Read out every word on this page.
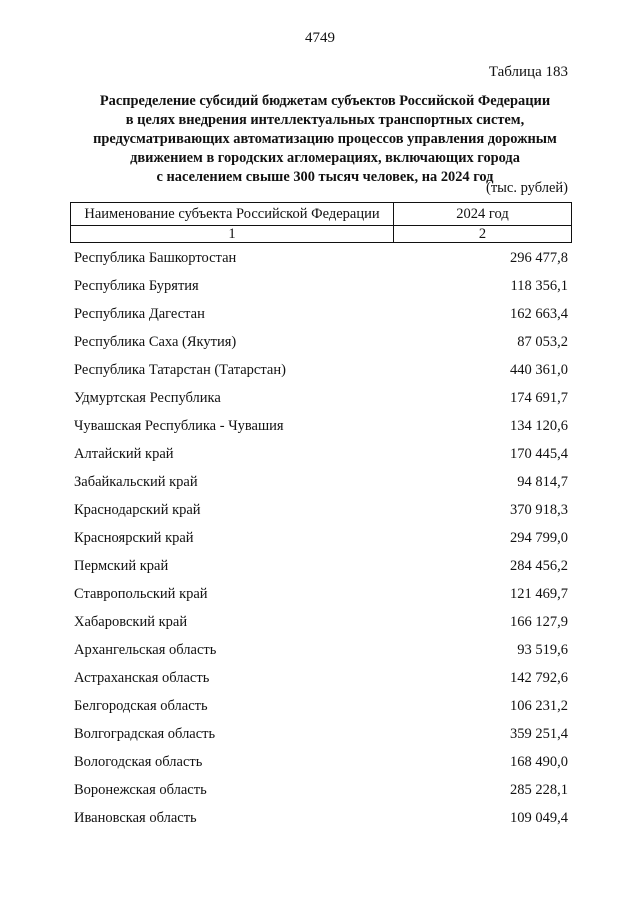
4749
Таблица 183
Распределение субсидий бюджетам субъектов Российской Федерации
в целях внедрения интеллектуальных транспортных систем,
предусматривающих автоматизацию процессов управления дорожным
движением в городских агломерациях, включающих города
с населением свыше 300 тысяч человек, на 2024 год
(тыс. рублей)
Наименование субъекта Российской Федерации	2024 год
1	2
Республика Башкортостан	296 477,8
Республика Бурятия	118 356,1
Республика Дагестан	162 663,4
Республика Саха (Якутия)	87 053,2
Республика Татарстан (Татарстан)	440 361,0
Удмуртская Республика	174 691,7
Чувашская Республика - Чувашия	134 120,6
Алтайский край	170 445,4
Забайкальский край	94 814,7
Краснодарский край	370 918,3
Красноярский край	294 799,0
Пермский край	284 456,2
Ставропольский край	121 469,7
Хабаровский край	166 127,9
Архангельская область	93 519,6
Астраханская область	142 792,6
Белгородская область	106 231,2
Волгоградская область	359 251,4
Вологодская область	168 490,0
Воронежская область	285 228,1
Ивановская область	109 049,4
